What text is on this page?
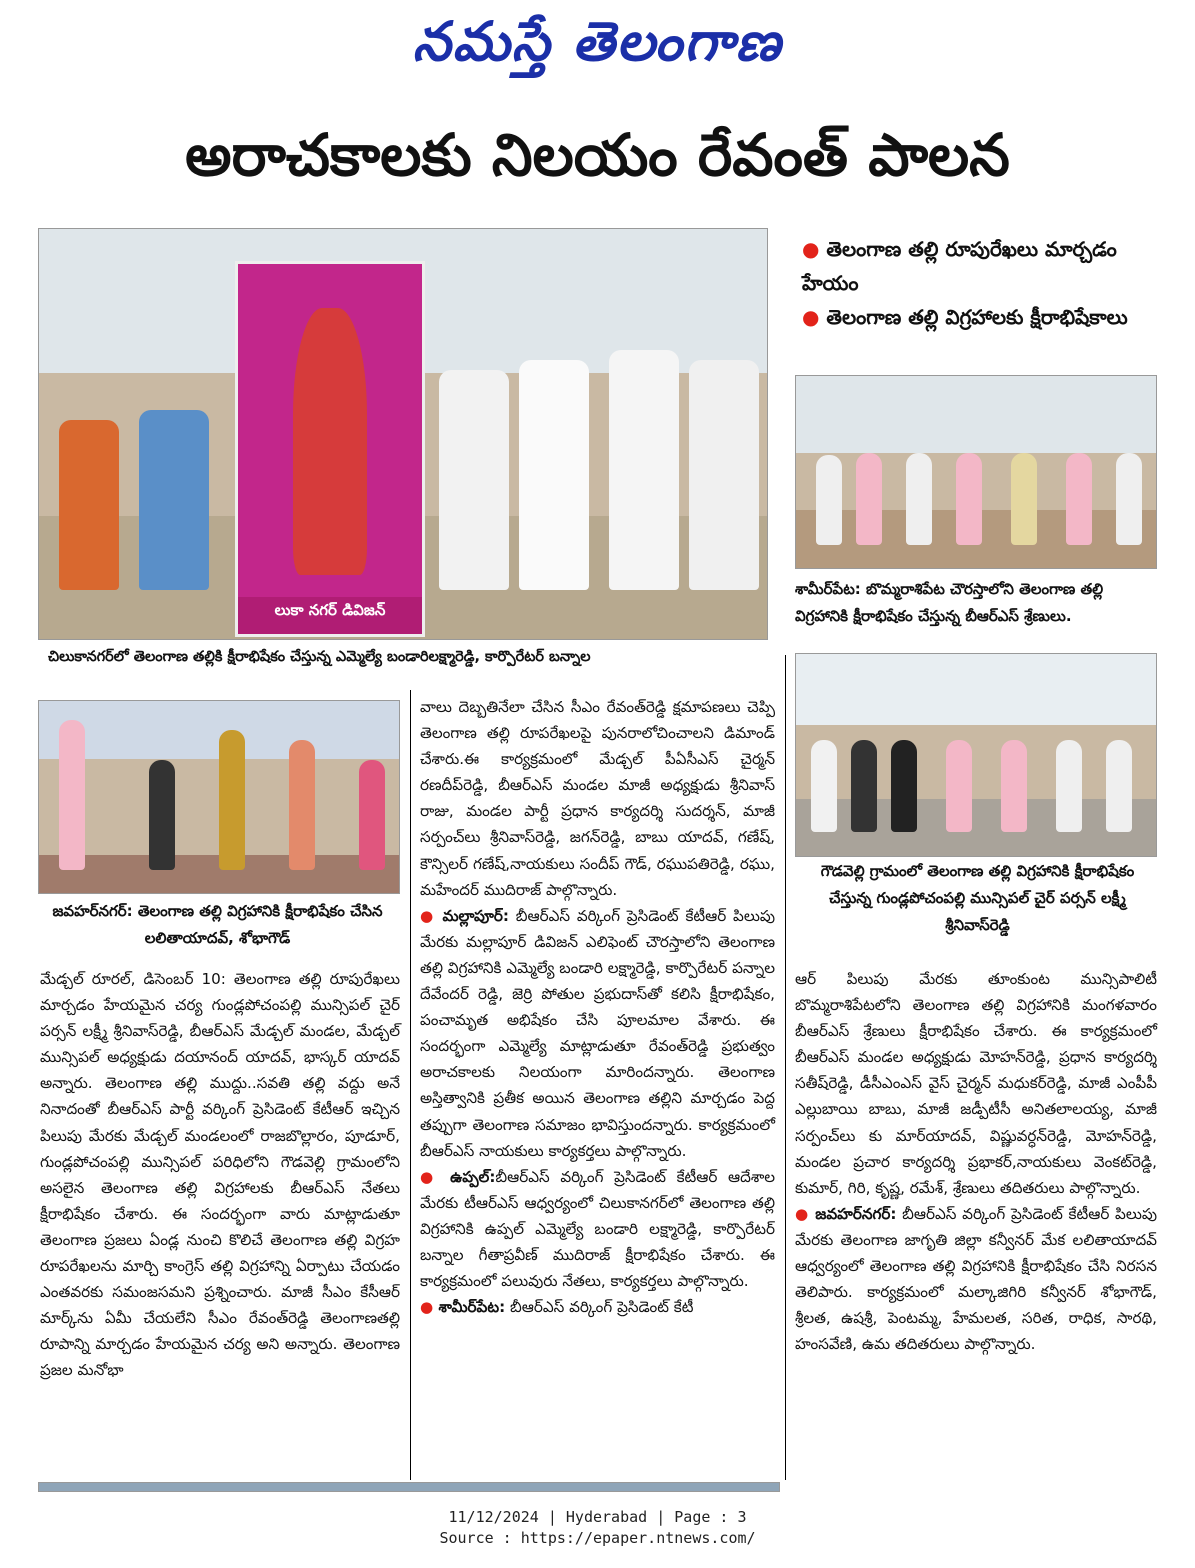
నమస్తే తెలంగాణ
అరాచకాలకు నిలయం రేవంత్ పాలన
లుకా నగర్ డివిజన్
చిలుకానగర్‌లో తెలంగాణ తల్లికి క్షీరాభిషేకం చేస్తున్న ఎమ్మెల్యే బండారిలక్ష్మారెడ్డి, కార్పొరేటర్ బన్నాల
● తెలంగాణ తల్లి రూపురేఖలు మార్చడం హేయం
● తెలంగాణ తల్లి విగ్రహాలకు క్షీరాభిషేకాలు
శామీర్‌పేట: బొమ్మరాశిపేట చౌరస్తాలోని తెలంగాణ తల్లి విగ్రహానికి క్షీరాభిషేకం చేస్తున్న బీఆర్‌ఎస్ శ్రేణులు.
గౌడవెల్లి గ్రామంలో తెలంగాణ తల్లి విగ్రహానికి క్షీరాభిషేకం చేస్తున్న గుండ్లపోచంపల్లి మున్సిపల్ చైర్ పర్సన్ లక్ష్మీ శ్రీనివాస్‌రెడ్డి
జవహర్‌నగర్: తెలంగాణ తల్లి విగ్రహానికి క్షీరాభిషేకం చేసిన లలితాయాదవ్, శోభాగౌడ్

మేడ్చల్ రూరల్, డిసెంబర్ 10: తెలంగాణ తల్లి రూపురేఖలు మార్చడం హేయమైన చర్య గుండ్లపోచంపల్లి మున్సిపల్ చైర్ పర్సన్ లక్ష్మీ శ్రీనివాస్‌రెడ్డి, బీఆర్‌ఎస్ మేడ్చల్ మండల, మేడ్చల్ మున్సిపల్ అధ్యక్షుడు దయానంద్ యాదవ్, భాస్కర్ యాదవ్ అన్నారు. తెలంగాణ తల్లి ముద్దు..సవతి తల్లి వద్దు అనే నినాదంతో బీఆర్‌ఎస్ పార్టీ వర్కింగ్ ప్రెసిడెంట్ కేటీఆర్ ఇచ్చిన పిలుపు మేరకు మేడ్చల్ మండలంలో రాజబొల్లారం, పూడూర్, గుండ్లపోచంపల్లి మున్సిపల్ పరిధిలోని గౌడవెల్లి గ్రామంలోని అసలైన తెలంగాణ తల్లి విగ్రహాలకు బీఆర్‌ఎస్ నేతలు క్షీరాభిషేకం చేశారు. ఈ సందర్భంగా వారు మాట్లాడుతూ తెలంగాణ ప్రజలు ఏండ్ల నుంచి కొలిచే తెలంగాణ తల్లి విగ్రహ రూపరేఖలను మార్చి కాంగ్రెస్ తల్లి విగ్రహాన్ని ఏర్పాటు చేయడం ఎంతవరకు సమంజసమని ప్రశ్నించారు. మాజీ సీఎం కేసీఆర్ మార్క్‌ను ఏమీ చేయలేని సీఎం రేవంత్‌రెడ్డి తెలంగాణతల్లి రూపాన్ని మార్చడం హేయమైన చర్య అని అన్నారు. తెలంగాణ ప్రజల మనోభా

వాలు దెబ్బతినేలా చేసిన సీఎం రేవంత్‌రెడ్డి క్షమాపణలు చెప్పి తెలంగాణ తల్లి రూపరేఖలపై పునరాలోచించాలని డిమాండ్ చేశారు.ఈ కార్యక్రమంలో మేడ్చల్ పీఏసీఎస్ చైర్మన్ రణదీప్‌రెడ్డి, బీఆర్‌ఎస్ మండల మాజీ అధ్యక్షుడు శ్రీనివాస్ రాజు, మండల పార్టీ ప్రధాన కార్యదర్శి సుదర్శన్, మాజీ సర్పంచ్‌లు శ్రీనివాస్‌రెడ్డి, జగన్‌రెడ్డి, బాబు యాదవ్, గణేష్, కౌన్సిలర్ గణేష్,నాయకులు సందీప్ గౌడ్, రఘుపతిరెడ్డి, రఘు, మహేందర్ ముదిరాజ్ పాల్గొన్నారు.

● మల్లాపూర్: బీఆర్‌ఎస్ వర్కింగ్ ప్రెసిడెంట్ కేటీఆర్ పిలుపు మేరకు మల్లాపూర్ డివిజన్ ఎలిఫెంట్ చౌరస్తాలోని తెలంగాణ తల్లి విగ్రహానికి ఎమ్మెల్యే బండారి లక్ష్మారెడ్డి, కార్పొరేటర్ పన్నాల దేవేందర్ రెడ్డి, జెర్రి పోతుల ప్రభుదాస్‌తో కలిసి క్షీరాభిషేకం, పంచామృత అభిషేకం చేసి పూలమాల వేశారు. ఈ సందర్భంగా ఎమ్మెల్యే మాట్లాడుతూ రేవంత్‌రెడ్డి ప్రభుత్వం అరాచకాలకు నిలయంగా మారిందన్నారు. తెలంగాణ అస్తిత్వానికి ప్రతీక అయిన తెలంగాణ తల్లిని మార్చడం పెద్ద తప్పుగా తెలంగాణ సమాజం భావిస్తుందన్నారు. కార్యక్రమంలో బీఆర్‌ఎస్ నాయకులు కార్యకర్తలు పాల్గొన్నారు.

● ఉప్పల్:బీఆర్‌ఎస్ వర్కింగ్ ప్రెసిడెంట్ కేటీఆర్ ఆదేశాల మేరకు టీఆర్‌ఎస్ ఆధ్వర్యంలో చిలుకానగర్‌లో తెలంగాణ తల్లి విగ్రహానికి ఉప్పల్ ఎమ్మెల్యే బండారి లక్ష్మారెడ్డి, కార్పొరేటర్ బన్నాల గీతాప్రవీణ్ ముదిరాజ్ క్షీరాభిషేకం చేశారు. ఈ కార్యక్రమంలో పలువురు నేతలు, కార్యకర్తలు పాల్గొన్నారు.

● శామీర్‌పేట: బీఆర్‌ఎస్ వర్కింగ్ ప్రెసిడెంట్ కేటీ

ఆర్ పిలుపు మేరకు తూంకుంట మున్సిపాలిటీ బొమ్మరాశిపేటలోని తెలంగాణ తల్లి విగ్రహానికి మంగళవారం బీఆర్‌ఎస్ శ్రేణులు క్షీరాభిషేకం చేశారు. ఈ కార్యక్రమంలో బీఆర్‌ఎస్ మండల అధ్యక్షుడు మోహన్‌రెడ్డి, ప్రధాన కార్యదర్శి సతీష్‌రెడ్డి, డీసీఎంఎస్ వైస్ చైర్మన్ మధుకర్‌రెడ్డి, మాజీ ఎంపీపీ ఎల్లుబాయి బాబు, మాజీ జడ్పీటీసీ అనితలాలయ్య, మాజీ సర్పంచ్‌లు కు మార్‌యాదవ్, విష్ణువర్ధన్‌రెడ్డి, మోహన్‌రెడ్డి, మండల ప్రచార కార్యదర్శి ప్రభాకర్,నాయకులు వెంకట్‌రెడ్డి, కుమార్, గిరి, కృష్ణ, రమేశ్, శ్రేణులు తదితరులు పాల్గొన్నారు.

● జవహర్‌నగర్: బీఆర్‌ఎస్ వర్కింగ్ ప్రెసిడెంట్ కేటీఆర్ పిలుపు మేరకు తెలంగాణ జాగృతి జిల్లా కన్వీనర్ మేక లలితాయాదవ్ ఆధ్వర్యంలో తెలంగాణ తల్లి విగ్రహానికి క్షీరాభిషేకం చేసి నిరసన తెలిపారు. కార్యక్రమంలో మల్కాజిగిరి కన్వీనర్ శోభాగౌడ్, శ్రీలత, ఉషశ్రీ, పెంటమ్మ, హేమలత, సరిత, రాధిక, సారథి, హంసవేణి, ఉమ తదితరులు పాల్గొన్నారు.

11/12/2024 | Hyderabad | Page : 3
Source : https://epaper.ntnews.com/
